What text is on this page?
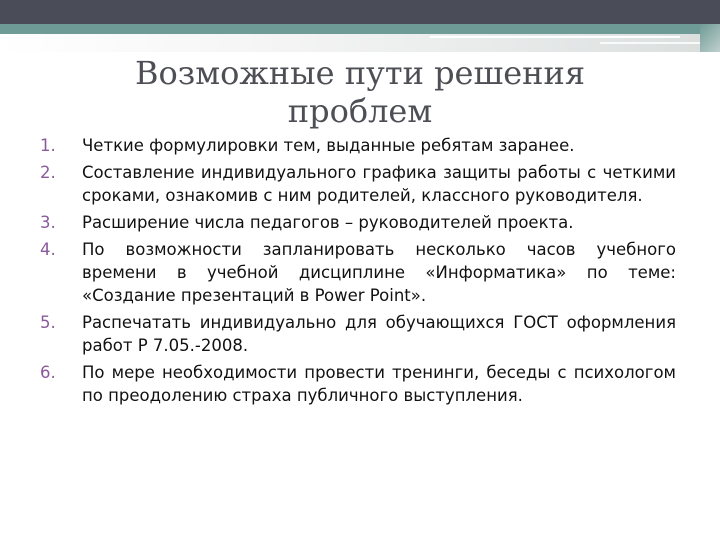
Возможные пути решения проблем
1.	Четкие формулировки тем, выданные ребятам заранее.
2.	Составление индивидуального графика защиты работы с четкими сроками, ознакомив с ним родителей, классного руководителя.
3.	Расширение числа педагогов – руководителей проекта.
4.	По возможности запланировать несколько часов учебного времени в учебной дисциплине «Информатика» по теме: «Создание презентаций в Power Point».
5.	Распечатать индивидуально для обучающихся ГОСТ оформления работ Р 7.05.-2008.
6.	По мере необходимости провести тренинги, беседы с психологом по преодолению страха публичного выступления.
